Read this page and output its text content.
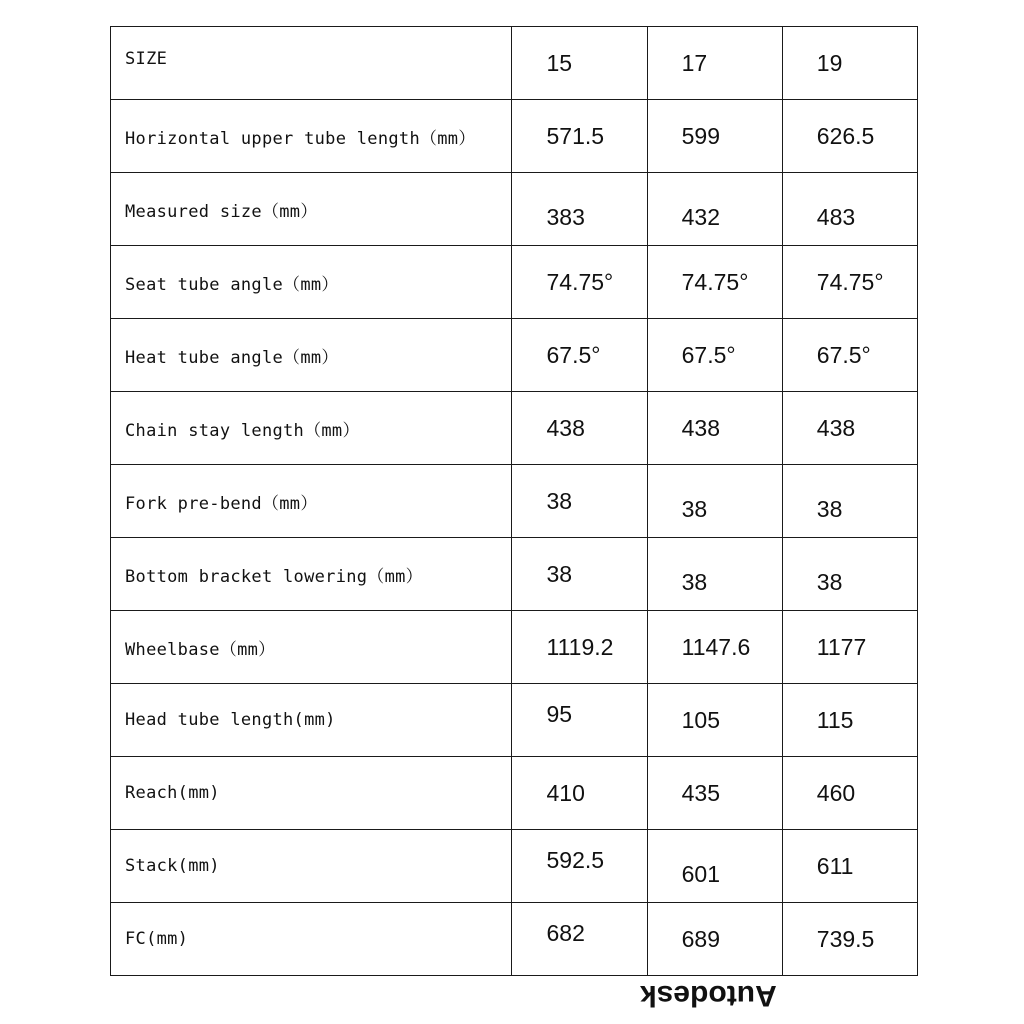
SIZE	15	17	19
Horizontal upper tube length（mm）	571.5	599	626.5
Measured size（mm）	383	432	483
Seat tube angle（mm）	74.75°	74.75°	74.75°
Heat tube angle（mm）	67.5°	67.5°	67.5°
Chain stay length（mm）	438	438	438
Fork pre-bend（mm）	38	38	38
Bottom bracket lowering（mm）	38	38	38
Wheelbase（mm）	1119.2	1147.6	1177
Head tube length(mm)	95	105	115
Reach(mm)	410	435	460
Stack(mm)	592.5	601	611
FC(mm)	682	689	739.5
Autodesk
